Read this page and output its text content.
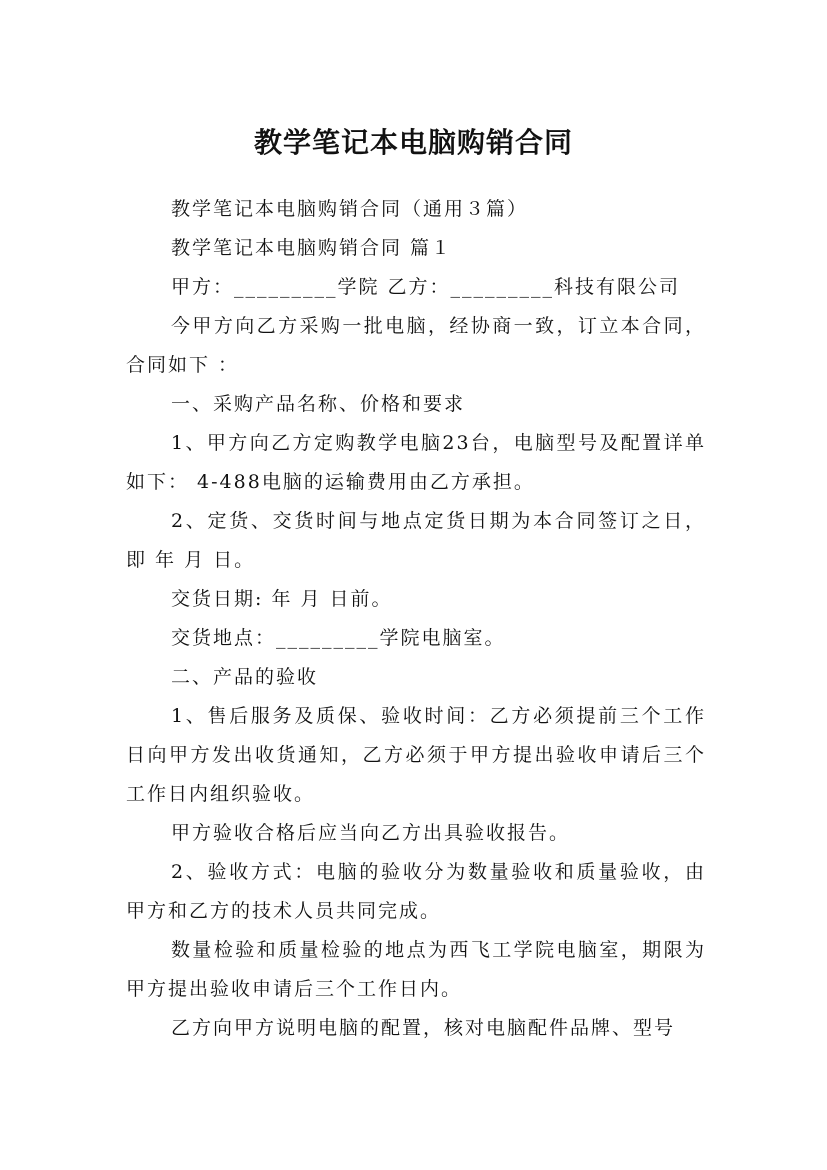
教学笔记本电脑购销合同

教学笔记本电脑购销合同（通用３篇）

教学笔记本电脑购销合同 篇１

甲方：_________学院 乙方：_________科技有限公司

今甲方向乙方采购一批电脑，经协商一致，订立本合同，合同如下 ：

一、采购产品名称、价格和要求

1、甲方向乙方定购教学电脑23台，电脑型号及配置详单如下： 4-488电脑的运输费用由乙方承担。

2、定货、交货时间与地点定货日期为本合同签订之日，即 年 月 日。

交货日期: 年 月 日前。

交货地点：_________学院电脑室。

二、产品的验收

1、售后服务及质保、验收时间：乙方必须提前三个工作日向甲方发出收货通知，乙方必须于甲方提出验收申请后三个工作日内组织验收。

甲方验收合格后应当向乙方出具验收报告。

2、验收方式：电脑的验收分为数量验收和质量验收，由甲方和乙方的技术人员共同完成。

数量检验和质量检验的地点为西飞工学院电脑室，期限为甲方提出验收申请后三个工作日内。

乙方向甲方说明电脑的配置，核对电脑配件品牌、型号
